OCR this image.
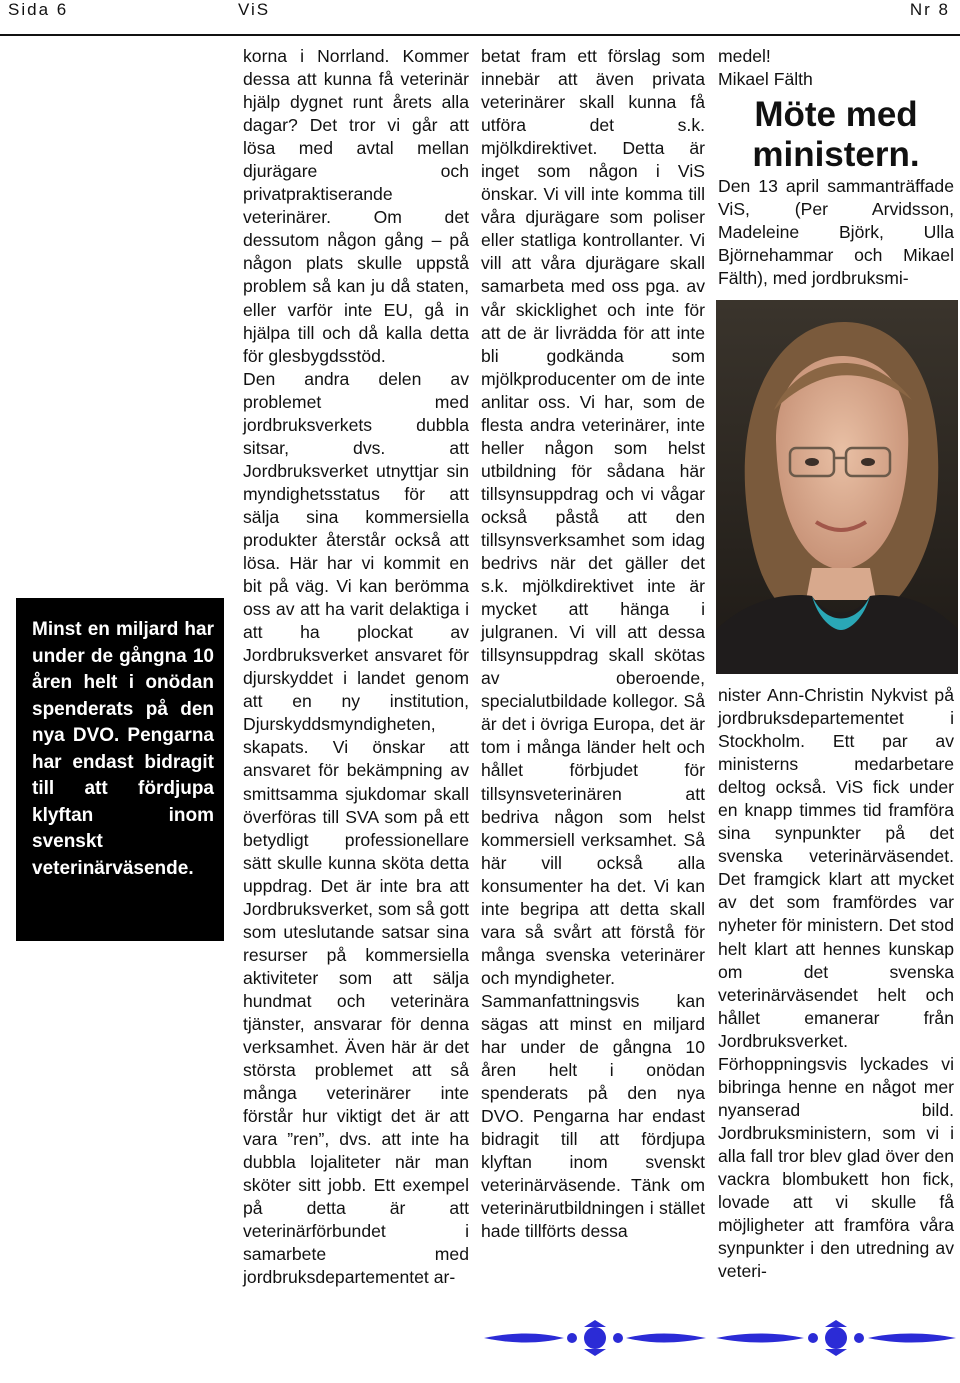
Sida 6	ViS	Nr 8

Minst en miljard har under de gångna 10 åren helt i onödan spenderats på den nya DVO. Pengarna har endast bidragit till att fördjupa klyftan inom svenskt veterinärväsende.

korna i Norrland. Kommer dessa att kunna få veterinär hjälp dygnet runt årets alla dagar? Det tror vi går att lösa med avtal mellan djurägare och privatpraktiserande veterinärer. Om det dessutom någon gång – på någon plats skulle uppstå problem så kan ju då staten, eller varför inte EU, gå in hjälpa till och då kalla detta för glesbygdsstöd.

Den andra delen av problemet med jordbruksverkets dubbla sitsar, dvs. att Jordbruksverket utnyttjar sin myndighetsstatus för att sälja sina kommersiella produkter återstår också att lösa. Här har vi kommit en bit på väg. Vi kan berömma oss av att ha varit delaktiga i att ha plockat av Jordbruksverket ansvaret för djurskyddet i landet genom att en ny institution, Djurskyddsmyndigheten, skapats. Vi önskar att ansvaret för bekämpning av smittsamma sjukdomar skall överföras till SVA som på ett betydligt professionellare sätt skulle kunna sköta detta uppdrag. Det är inte bra att Jordbruksverket, som så gott som uteslutande satsar sina resurser på kommersiella aktiviteter som att sälja hundmat och veterinära tjänster, ansvarar för denna verksamhet. Även här är det största problemet att så många veterinärer inte förstår hur viktigt det är att vara ”ren”, dvs. att inte ha dubbla lojaliteter när man sköter sitt jobb. Ett exempel på detta är att veterinärförbundet i samarbete med jordbruksdepartementet ar-

betat fram ett förslag som innebär att även privata veterinärer skall kunna få utföra det s.k. mjölkdirektivet. Detta är inget som någon i ViS önskar. Vi vill inte komma till våra djurägare som poliser eller statliga kontrollanter. Vi vill att våra djurägare skall samarbeta med oss pga. av vår skicklighet och inte för att de är livrädda för att inte bli godkända som mjölkproducenter om de inte anlitar oss. Vi har, som de flesta andra veterinärer, inte heller någon som helst utbildning för sådana här tillsynsuppdrag och vi vågar också påstå att den tillsynsverksamhet som idag bedrivs när det gäller det s.k. mjölkdirektivet inte är mycket att hänga i julgranen. Vi vill att dessa tillsynsuppdrag skall skötas av oberoende, specialutbildade kollegor. Så är det i övriga Europa, det är tom i många länder helt och hållet förbjudet för tillsynsveterinären att bedriva någon som helst kommersiell verksamhet. Så här vill också alla konsumenter ha det. Vi kan inte begripa att detta skall vara så svårt att förstå för många svenska veterinärer och myndigheter.

Sammanfattningsvis kan sägas att minst en miljard har under de gångna 10 åren helt i onödan spenderats på den nya DVO. Pengarna har endast bidragit till att fördjupa klyftan inom svenskt veterinärväsende. Tänk om veterinärutbildningen i stället hade tillförts dessa

medel!

Mikael Fälth

Möte med
ministern.

Den 13 april sammanträffade ViS, (Per Arvidsson, Madeleine Björk, Ulla Björnehammar och Mikael Fälth), med jordbruksmi-

nister Ann-Christin Nykvist på jordbruksdepartementet i Stockholm. Ett par av ministerns medarbetare deltog också. ViS fick under en knapp timmes tid framföra sina synpunkter på det svenska veterinärväsendet. Det framgick klart att mycket av det som framfördes var nyheter för ministern. Det stod helt klart att hennes kunskap om det svenska veterinärväsendet helt och hållet emanerar från Jordbruksverket. Förhoppningsvis lyckades vi bibringa henne en något mer nyanserad bild. Jordbruksministern, som vi i alla fall tror blev glad över den vackra blombukett hon fick, lovade att vi skulle få möjligheter att framföra våra synpunkter i den utredning av veteri-
